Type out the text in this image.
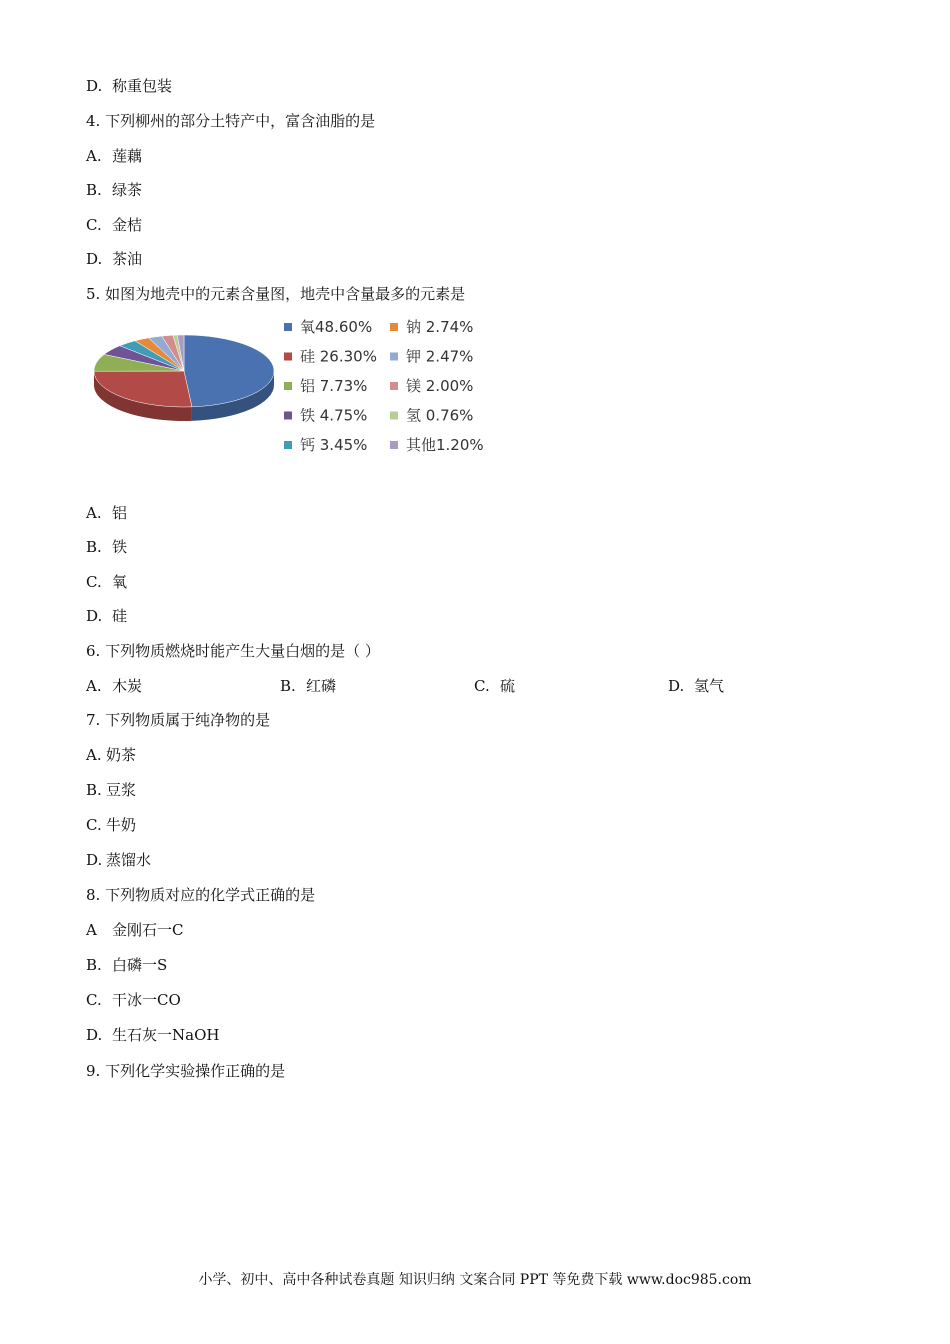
D. 称重包装
4. 下列柳州的部分土特产中，富含油脂的是
A. 莲藕
B. 绿茶
C. 金桔
D. 茶油
5. 如图为地壳中的元素含量图，地壳中含量最多的元素是
氧48.60%
硅 26.30%
铝 7.73%
铁 4.75%
钙 3.45%
钠 2.74%
钾 2.47%
镁 2.00%
氢 0.76%
其他1.20%
A. 铝
B. 铁
C. 氧
D. 硅
6. 下列物质燃烧时能产生大量白烟的是（ ）
A. 木炭	B. 红磷	C. 硫	D. 氢气
7. 下列物质属于纯净物的是
A. 奶茶
B. 豆浆
C. 牛奶
D. 蒸馏水
8. 下列物质对应的化学式正确的是
A 金刚石一C
B. 白磷一S
C. 干冰一CO
D. 生石灰一NaOH
9. 下列化学实验操作正确的是
小学、初中、高中各种试卷真题 知识归纳 文案合同 PPT 等免费下载 www.doc985.com
